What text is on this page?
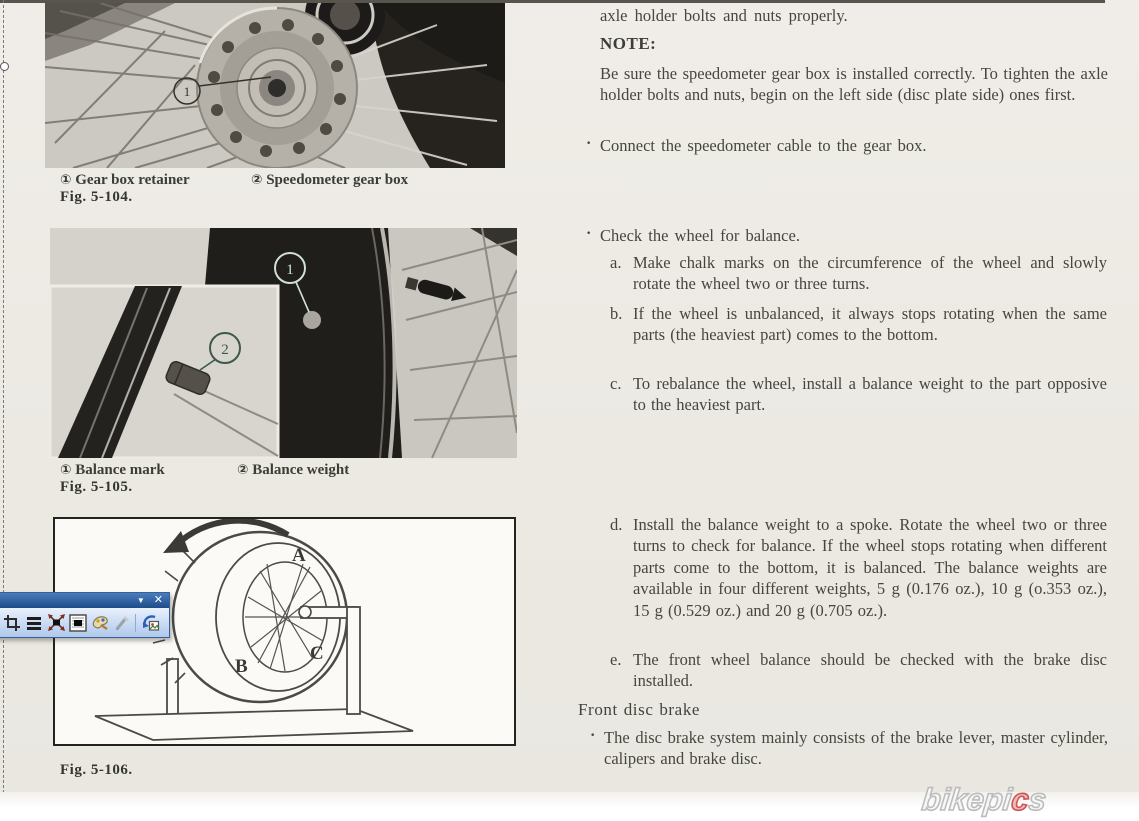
1
① Gear box retainer	② Speedometer gear box
Fig. 5-104.
1
2
① Balance mark	② Balance weight
Fig. 5-105.
A
B
C
Fig. 5-106.
axle holder bolts and nuts properly.
NOTE:
Be sure the speedometer gear box is installed correctly. To tighten the axle holder bolts and nuts, begin on the left side (disc plate side) ones first.
· Connect the speedometer cable to the gear box.
· Check the wheel for balance.
a. Make chalk marks on the circumference of the wheel and slowly rotate the wheel two or three turns.
b. If the wheel is unbalanced, it always stops rotating when the same parts (the heaviest part) comes to the bottom.
c. To rebalance the wheel, install a balance weight to the part opposive to the heaviest part.
d. Install the balance weight to a spoke. Rotate the wheel two or three turns to check for balance. If the wheel stops rotating when different parts come to the bottom, it is balanced. The balance weights are available in four different weights, 5 g (0.176 oz.), 10 g (o.353 oz.), 15 g (0.529 oz.) and 20 g (0.705 oz.).
e. The front wheel balance should be checked with the brake disc installed.
Front disc brake
· The disc brake system mainly consists of the brake lever, master cylinder, calipers and brake disc.
▼ ✕
bikepics
